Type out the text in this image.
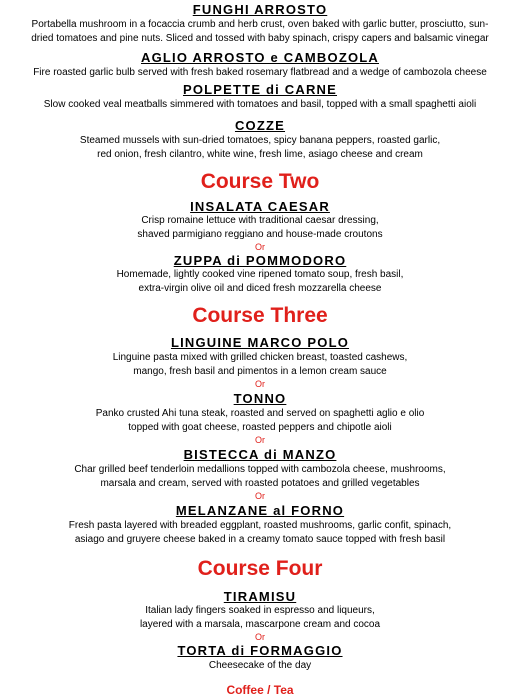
FUNGHI ARROSTO
Portabella mushroom in a focaccia crumb and herb crust, oven baked with garlic butter, prosciutto, sun-
dried tomatoes and pine nuts. Sliced and tossed with baby spinach, crispy capers and balsamic vinegar
AGLIO ARROSTO e CAMBOZOLA
Fire roasted garlic bulb served with fresh baked rosemary flatbread and a wedge of cambozola cheese
POLPETTE di CARNE
Slow cooked veal meatballs simmered with tomatoes and basil, topped with a small spaghetti aioli
COZZE
Steamed mussels with sun-dried tomatoes, spicy banana peppers, roasted garlic,
red onion, fresh cilantro, white wine, fresh lime, asiago cheese and cream
Course Two
INSALATA CAESAR
Crisp romaine lettuce with traditional caesar dressing,
shaved parmigiano reggiano and house-made croutons
Or
ZUPPA di POMMODORO
Homemade, lightly cooked vine ripened tomato soup, fresh basil,
extra-virgin olive oil and diced fresh mozzarella cheese
Course Three
LINGUINE MARCO POLO
Linguine pasta mixed with grilled chicken breast, toasted cashews,
mango, fresh basil and pimentos in a lemon cream sauce
Or
TONNO
Panko crusted Ahi tuna steak, roasted and served on spaghetti aglio e olio
topped with goat cheese, roasted peppers and chipotle aioli
Or
BISTECCA di MANZO
Char grilled beef tenderloin medallions topped with cambozola cheese, mushrooms,
marsala and cream, served with roasted potatoes and grilled vegetables
Or
MELANZANE al FORNO
Fresh pasta layered with breaded eggplant, roasted mushrooms, garlic confit, spinach,
asiago and gruyere cheese baked in a creamy tomato sauce topped with fresh basil
Course Four
TIRAMISU
Italian lady fingers soaked in espresso and liqueurs,
layered with a marsala, mascarpone cream and cocoa
Or
TORTA di FORMAGGIO
Cheesecake of the day
Coffee / Tea
